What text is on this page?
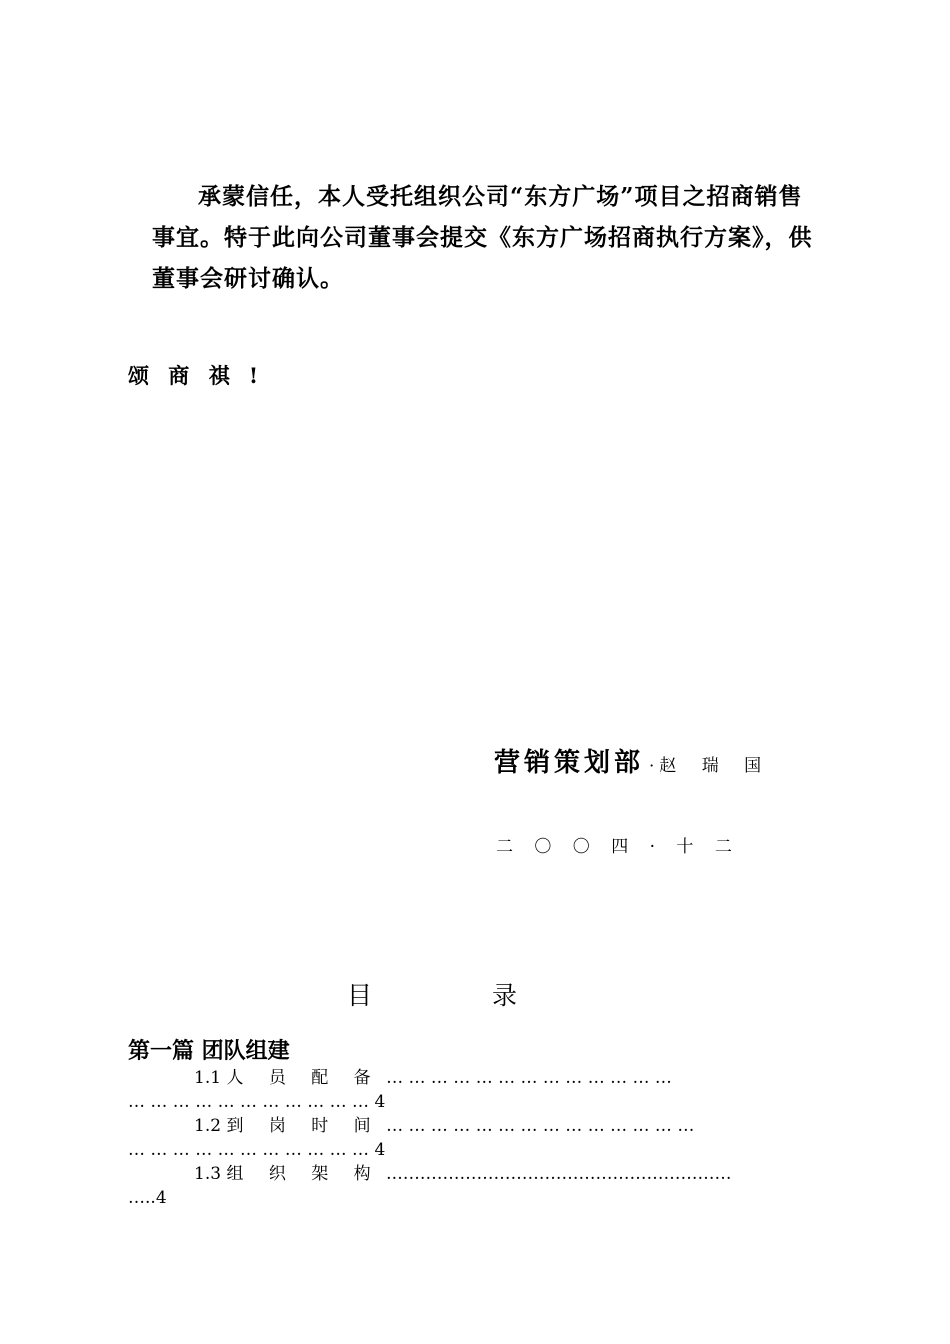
承蒙信任，本人受托组织公司“东方广场”项目之招商销售
事宜。特于此向公司董事会提交《东方广场招商执行方案》，供
董事会研讨确认。
颂 商 祺 !
营销策划部 · 赵 瑞 国
二 〇 〇 四 · 十 二
目 录
第一篇 团队组建
1.1 人 员 配 备 … … … … … … … … … … … … …
… … … … … … … … … … … 4
1.2 到 岗 时 间 … … … … … … … … … … … … … …
… … … … … … … … … … … 4
1.3 组 织 架 构 .……………………………………………………
…..4
